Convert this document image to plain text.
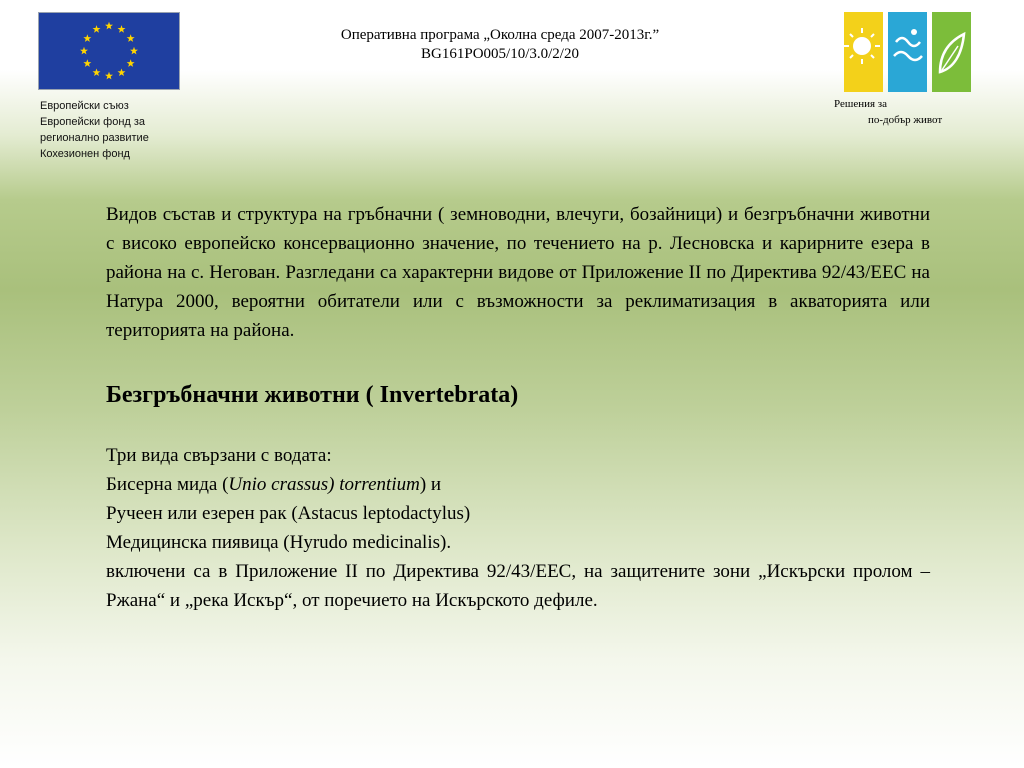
Европейски съюз
Европейски фонд за
регионално развитие
Кохезионен фонд
Оперативна програма „Околна среда 2007-2013г.”
BG161PO005/10/3.0/2/20
Решения за
по-добър живот

Видов състав и структура на гръбначни ( земноводни, влечуги, бозайници) и безгръбначни животни с високо европейско консервационно значение, по течението на р. Лесновска и карирните езера в района на с. Негован. Разгледани са характерни видове от Приложение II по Директива 92/43/ЕЕС на Натура 2000, вероятни обитатели или с възможности за реклиматизация в акваторията или територията на района.

Безгръбначни животни ( Invertebrata)
Три вида свързани с водата:
Бисерна мида (Unio crassus) torrentium) и
Ручеен или езерен рак (Astacus leptodactylus)
Медицинска пиявица (Hyrudo medicinalis).

включени са в Приложение II по Директива 92/43/ЕЕС, на защитените зони „Искърски пролом – Ржана“ и „река Искър“, от поречието на Искърското дефиле.
